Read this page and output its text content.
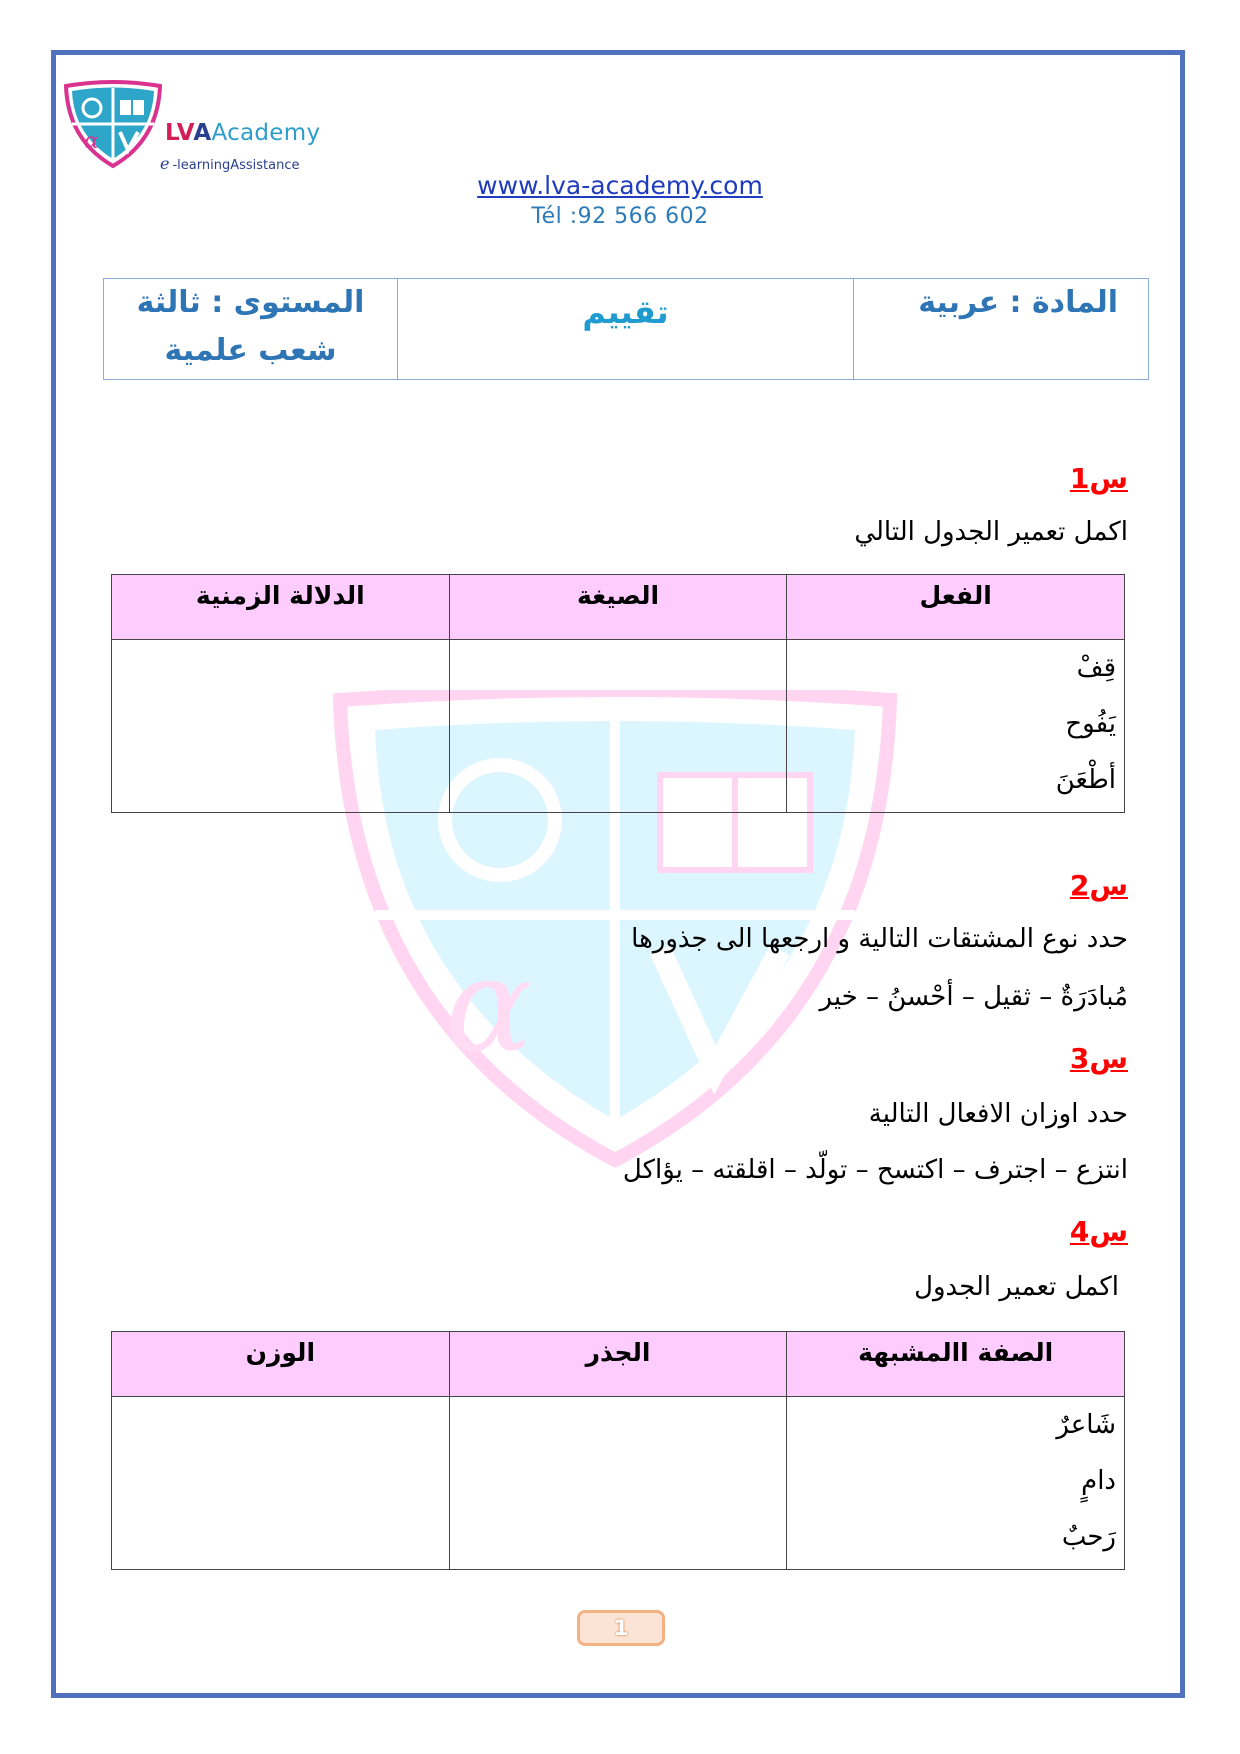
α	LVAAcademy
e -learningAssistance
www.lva-academy.com
Tél :92 566 602
المادة : عربية	تقييم	
المستوى : ثالثة
شعب علمية
α
س1
اكمل تعمير الجدول التالي
الفعل	الصيغة	الدلالة الزمنية

قِفْ
يَفُوح
أطْعَنَ		

س2
حدد نوع المشتقات التالية و ارجعها الى جذورها
مُبادَرَةٌ – ثقيل – أحْسنُ – خير
س3
حدد اوزان الافعال التالية
انتزع – اجترف – اكتسح – تولّد – اقلقته – يؤاكل
س4
اكمل تعمير الجدول
الصفة االمشبهة	الجذر	الوزن

شَاعرٌ
دامٍ
رَحبٌ		

1
